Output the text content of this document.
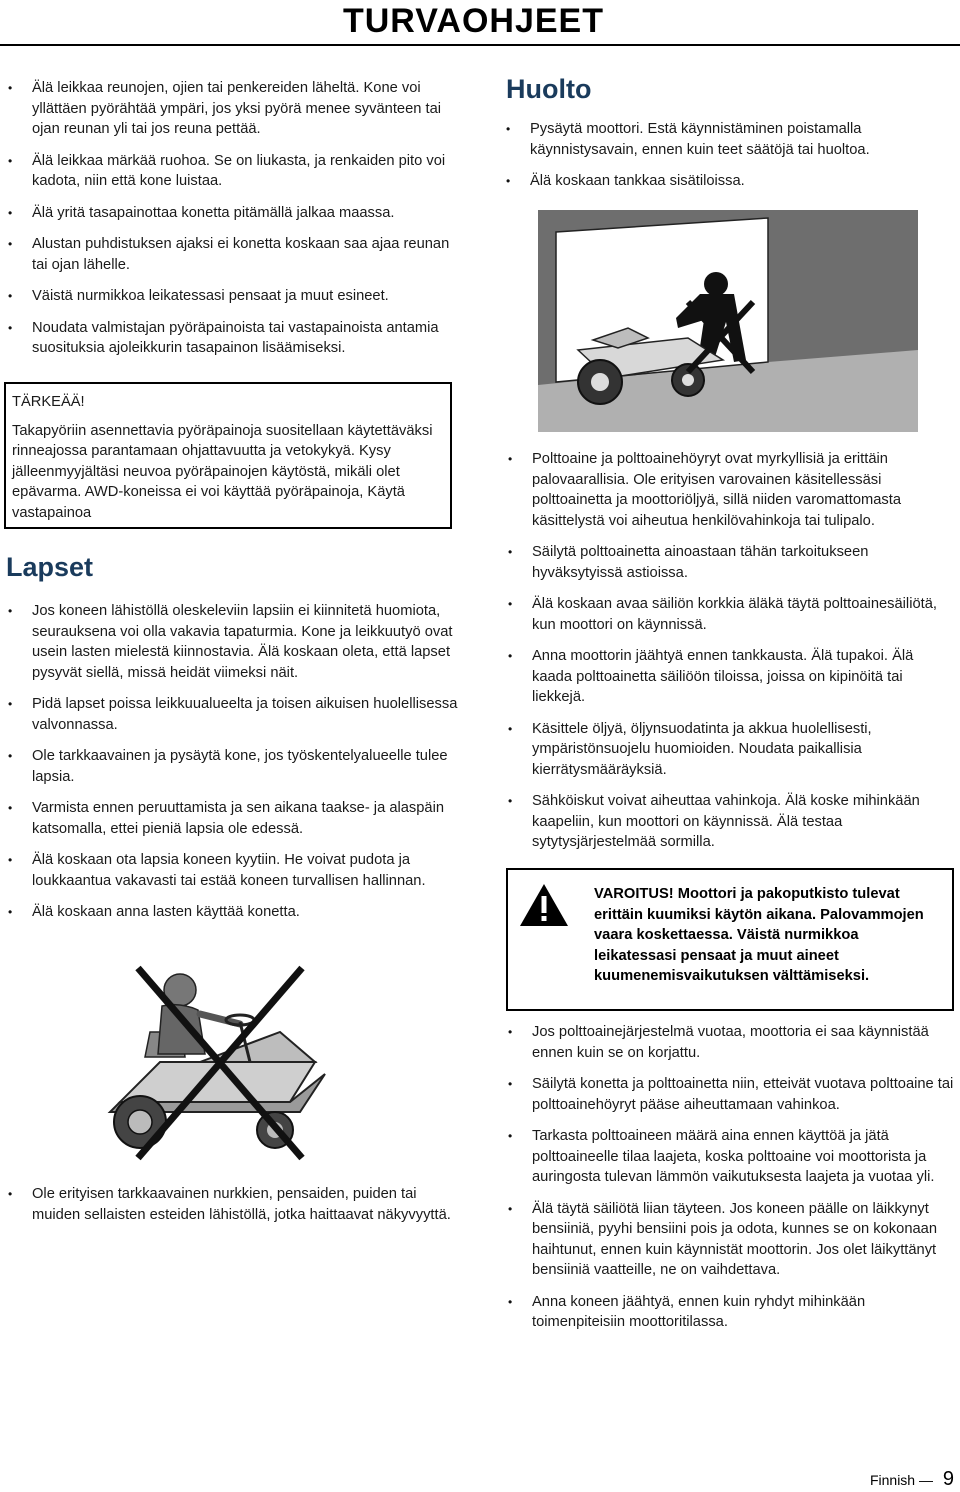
TURVAOHJEET
• Älä leikkaa reunojen, ojien tai penkereiden läheltä. Kone voi yllättäen pyörähtää ympäri, jos yksi pyörä menee syvänteen tai ojan reunan yli tai jos reuna pettää.
• Älä leikkaa märkää ruohoa. Se on liukasta, ja renkaiden pito voi kadota, niin että kone luistaa.
• Älä yritä tasapainottaa konetta pitämällä jalkaa maassa.
• Alustan puhdistuksen ajaksi ei konetta koskaan saa ajaa reunan tai ojan lähelle.
• Väistä nurmikkoa leikatessasi pensaat ja muut esineet.
• Noudata valmistajan pyöräpainoista tai vastapainoista antamia suosituksia ajoleikkurin tasapainon lisäämiseksi.
TÄRKEÄÄ!
Takapyöriin asennettavia pyöräpainoja suositellaan käytettäväksi rinneajossa parantamaan ohjattavuutta ja vetokykyä. Kysy jälleenmyyjältäsi neuvoa pyöräpainojen käytöstä, mikäli olet epävarma. AWD-koneissa ei voi käyttää pyöräpainoja, Käytä vastapainoa
Lapset
• Jos koneen lähistöllä oleskeleviin lapsiin ei kiinnitetä huomiota, seurauksena voi olla vakavia tapaturmia. Kone ja leikkuutyö ovat usein lasten mielestä kiinnostavia. Älä koskaan oleta, että lapset pysyvät siellä, missä heidät viimeksi näit.
• Pidä lapset poissa leikkuualueelta ja toisen aikuisen huolellisessa valvonnassa.
• Ole tarkkaavainen ja pysäytä kone, jos työskentelyalueelle tulee lapsia.
• Varmista ennen peruuttamista ja sen aikana taakse- ja alaspäin katsomalla, ettei pieniä lapsia ole edessä.
• Älä koskaan ota lapsia koneen kyytiin. He voivat pudota ja loukkaantua vakavasti tai estää koneen turvallisen hallinnan.
• Älä koskaan anna lasten käyttää konetta.
• Ole erityisen tarkkaavainen nurkkien, pensaiden, puiden tai muiden sellaisten esteiden lähistöllä, jotka haittaavat näkyvyyttä.
Huolto
• Pysäytä moottori. Estä käynnistäminen poistamalla käynnistysavain, ennen kuin teet säätöjä tai huoltoa.
• Älä koskaan tankkaa sisätiloissa.
• Polttoaine ja polttoainehöyryt ovat myrkyllisiä ja erittäin palovaarallisia. Ole erityisen varovainen käsitellessäsi polttoainetta ja moottoriöljyä, sillä niiden varomattomasta käsittelystä voi aiheutua henkilövahinkoja tai tulipalo.
• Säilytä polttoainetta ainoastaan tähän tarkoitukseen hyväksytyissä astioissa.
• Älä koskaan avaa säiliön korkkia äläkä täytä polttoainesäiliötä, kun moottori on käynnissä.
• Anna moottorin jäähtyä ennen tankkausta. Älä tupakoi. Älä kaada polttoainetta säiliöön tiloissa, joissa on kipinöitä tai liekkejä.
• Käsittele öljyä, öljynsuodatinta ja akkua huolellisesti, ympäristönsuojelu huomioiden. Noudata paikallisia kierrätysmääräyksiä.
• Sähköiskut voivat aiheuttaa vahinkoja. Älä koske mihinkään kaapeliin, kun moottori on käynnissä. Älä testaa sytytysjärjestelmää sormilla.
VAROITUS! Moottori ja pakoputkisto tulevat erittäin kuumiksi käytön aikana. Palovammojen vaara koskettaessa. Väistä nurmikkoa leikatessasi pensaat ja muut aineet kuumenemisvaikutuksen välttämiseksi.
• Jos polttoainejärjestelmä vuotaa, moottoria ei saa käynnistää ennen kuin se on korjattu.
• Säilytä konetta ja polttoainetta niin, etteivät vuotava polttoaine tai polttoainehöyryt pääse aiheuttamaan vahinkoa.
• Tarkasta polttoaineen määrä aina ennen käyttöä ja jätä polttoaineelle tilaa laajeta, koska polttoaine voi moottorista ja auringosta tulevan lämmön vaikutuksesta laajeta ja vuotaa yli.
• Älä täytä säiliötä liian täyteen. Jos koneen päälle on läikkynyt bensiiniä, pyyhi bensiini pois ja odota, kunnes se on kokonaan haihtunut, ennen kuin käynnistät moottorin. Jos olet läikyttänyt bensiiniä vaatteille, ne on vaihdettava.
• Anna koneen jäähtyä, ennen kuin ryhdyt mihinkään toimenpiteisiin moottoritilassa.
Finnish — 9
